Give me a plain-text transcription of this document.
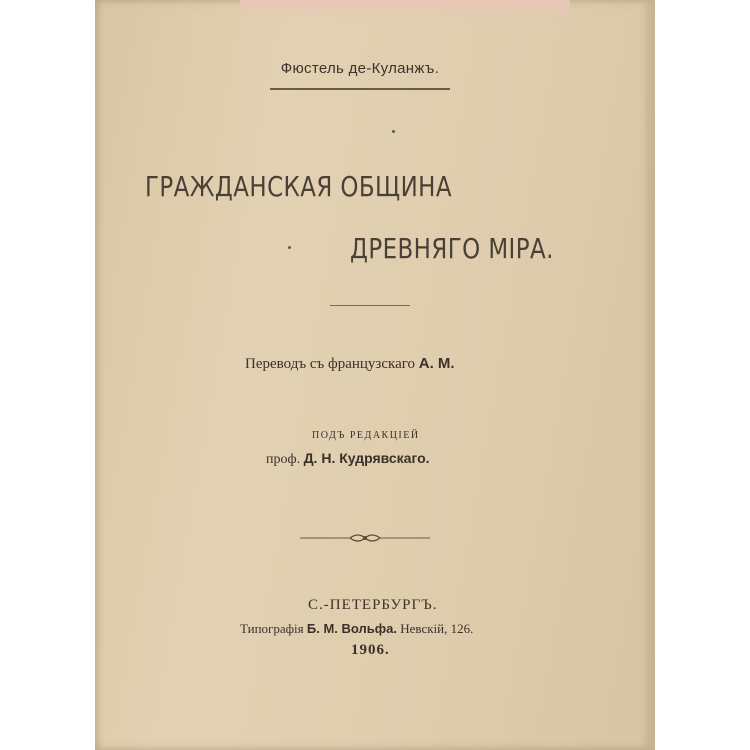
Фюстель де-Куланжъ.
ГРАЖДАНСКАЯ ОБЩИНА
ДРЕВНЯГО МІРА.
Переводъ съ французскаго А. М.
ПОДЪ РЕДАКЦІЕЙ
проф. Д. Н. Кудрявскаго.
С.-ПЕТЕРБУРГЪ.
Типографія Б. М. Вольфа. Невскій, 126.
1906.
